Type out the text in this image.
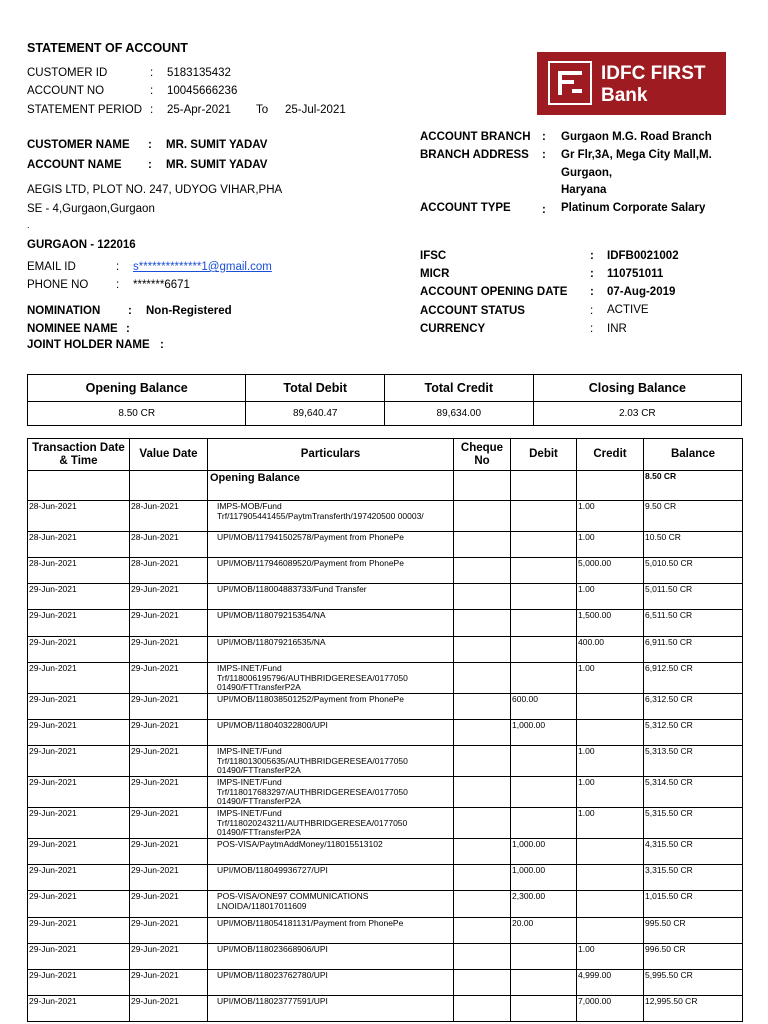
STATEMENT OF ACCOUNT
CUSTOMER ID	: 5183135432
ACCOUNT NO	: 10045666236
STATEMENT PERIOD : 25-Apr-2021 To 25-Jul-2021
CUSTOMER NAME : MR. SUMIT YADAV
ACCOUNT NAME : MR. SUMIT YADAV
AEGIS LTD, PLOT NO. 247, UDYOG VIHAR,PHA
SE - 4,Gurgaon,Gurgaon
.
GURGAON - 122016
EMAIL ID	: s**************1@gmail.com
PHONE NO : *******6671
NOMINATION : Non-Registered
NOMINEE NAME :
JOINT HOLDER NAME :
IDFC FIRST
Bank
ACCOUNT BRANCH : Gurgaon M.G. Road Branch
BRANCH ADDRESS : Gr Flr,3A, Mega City Mall,M.
Gurgaon,
Haryana
ACCOUNT TYPE	: Platinum Corporate Salary
IFSC	: IDFB0021002
MICR	: 110751011
ACCOUNT OPENING DATE : 07-Aug-2019
ACCOUNT STATUS	: ACTIVE
CURRENCY	: INR
Opening Balance	Total Debit	Total Credit	Closing Balance
8.50 CR	89,640.47	89,634.00	2.03 CR
Transaction Date & Time	Value Date	Particulars	Cheque No	Debit	Credit	Balance
		Opening Balance				8.50 CR
28-Jun-2021	28-Jun-2021	IMPS-MOB/Fund Trf/117905441455/PaytmTransferth/197420500 00003/			1.00	9.50 CR
28-Jun-2021	28-Jun-2021	UPI/MOB/117941502578/Payment from PhonePe			1.00	10.50 CR
28-Jun-2021	28-Jun-2021	UPI/MOB/117946089520/Payment from PhonePe			5,000.00	5,010.50 CR
29-Jun-2021	29-Jun-2021	UPI/MOB/118004883733/Fund Transfer			1.00	5,011.50 CR
29-Jun-2021	29-Jun-2021	UPI/MOB/118079215354/NA			1,500.00	6,511.50 CR
29-Jun-2021	29-Jun-2021	UPI/MOB/118079216535/NA			400.00	6,911.50 CR
29-Jun-2021	29-Jun-2021	IMPS-INET/Fund Trf/118006195796/AUTHBRIDGERESEA/0177050 01490/FTTransferP2A			1.00	6,912.50 CR
29-Jun-2021	29-Jun-2021	UPI/MOB/118038501252/Payment from PhonePe		600.00		6,312.50 CR
29-Jun-2021	29-Jun-2021	UPI/MOB/118040322800/UPI		1,000.00		5,312.50 CR
29-Jun-2021	29-Jun-2021	IMPS-INET/Fund Trf/118013005635/AUTHBRIDGERESEA/0177050 01490/FTTransferP2A			1.00	5,313.50 CR
29-Jun-2021	29-Jun-2021	IMPS-INET/Fund Trf/118017683297/AUTHBRIDGERESEA/0177050 01490/FTTransferP2A			1.00	5,314.50 CR
29-Jun-2021	29-Jun-2021	IMPS-INET/Fund Trf/118020243211/AUTHBRIDGERESEA/0177050 01490/FTTransferP2A			1.00	5,315.50 CR
29-Jun-2021	29-Jun-2021	POS-VISA/PaytmAddMoney/118015513102		1,000.00		4,315.50 CR
29-Jun-2021	29-Jun-2021	UPI/MOB/118049936727/UPI		1,000.00		3,315.50 CR
29-Jun-2021	29-Jun-2021	POS-VISA/ONE97 COMMUNICATIONS LNOIDA/118017011609		2,300.00		1,015.50 CR
29-Jun-2021	29-Jun-2021	UPI/MOB/118054181131/Payment from PhonePe		20.00		995.50 CR
29-Jun-2021	29-Jun-2021	UPI/MOB/118023668906/UPI			1.00	996.50 CR
29-Jun-2021	29-Jun-2021	UPI/MOB/118023762780/UPI			4,999.00	5,995.50 CR
29-Jun-2021	29-Jun-2021	UPI/MOB/118023777591/UPI			7,000.00	12,995.50 CR
